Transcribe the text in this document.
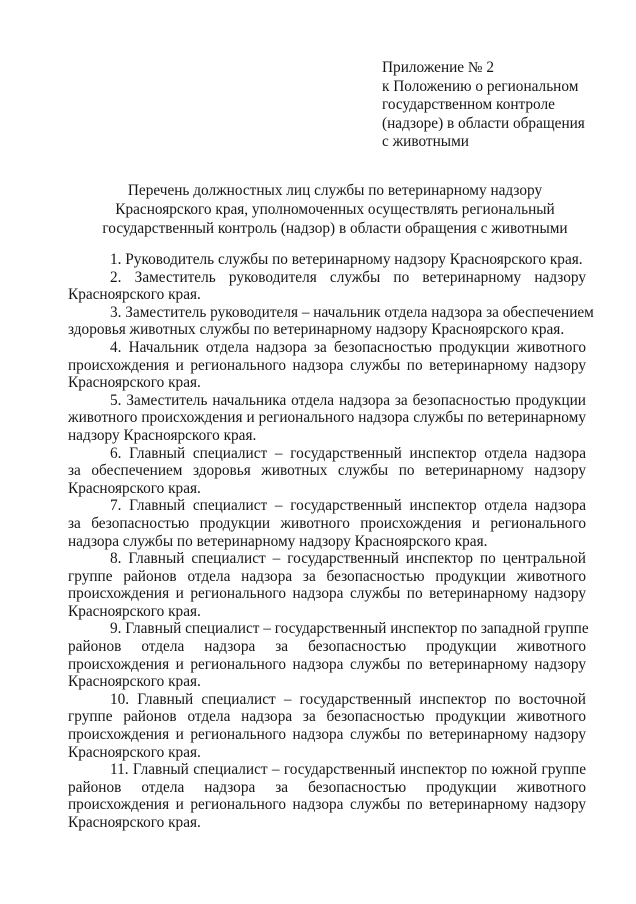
Приложение № 2
к Положению о региональном
государственном контроле
(надзоре) в области обращения
с животными
Перечень должностных лиц службы по ветеринарному надзору
Красноярского края, уполномоченных осуществлять региональный
государственный контроль (надзор) в области обращения с животными
1. Руководитель службы по ветеринарному надзору Красноярского края.
2. Заместитель руководителя службы по ветеринарному надзору
Красноярского края.
3. Заместитель руководителя – начальник отдела надзора за обеспечением
здоровья животных службы по ветеринарному надзору Красноярского края.
4. Начальник отдела надзора за безопасностью продукции животного
происхождения и регионального надзора службы по ветеринарному надзору
Красноярского края.
5. Заместитель начальника отдела надзора за безопасностью продукции
животного происхождения и регионального надзора службы по ветеринарному
надзору Красноярского края.
6. Главный специалист – государственный инспектор отдела надзора
за обеспечением здоровья животных службы по ветеринарному надзору
Красноярского края.
7. Главный специалист – государственный инспектор отдела надзора
за безопасностью продукции животного происхождения и регионального
надзора службы по ветеринарному надзору Красноярского края.
8. Главный специалист – государственный инспектор по центральной
группе районов отдела надзора за безопасностью продукции животного
происхождения и регионального надзора службы по ветеринарному надзору
Красноярского края.
9. Главный специалист – государственный инспектор по западной группе
районов отдела надзора за безопасностью продукции животного
происхождения и регионального надзора службы по ветеринарному надзору
Красноярского края.
10. Главный специалист – государственный инспектор по восточной
группе районов отдела надзора за безопасностью продукции животного
происхождения и регионального надзора службы по ветеринарному надзору
Красноярского края.
11. Главный специалист – государственный инспектор по южной группе
районов отдела надзора за безопасностью продукции животного
происхождения и регионального надзора службы по ветеринарному надзору
Красноярского края.
